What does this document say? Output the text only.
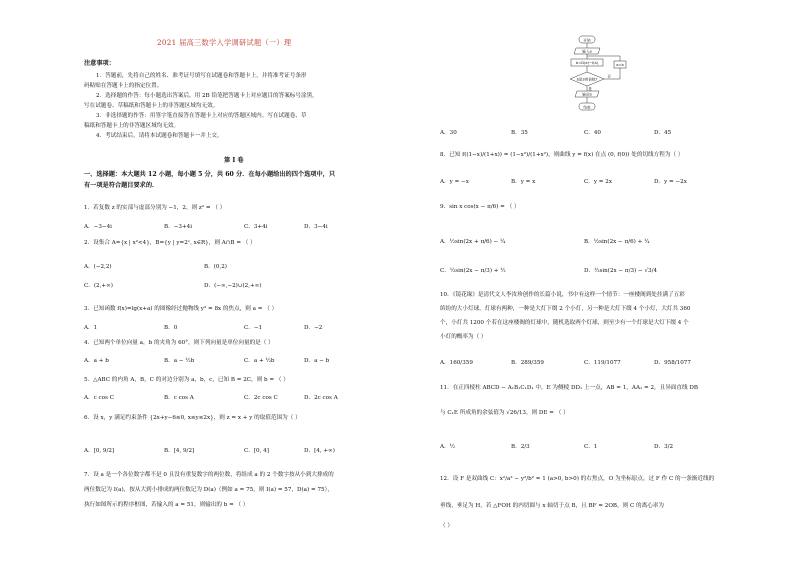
2021 届高三数学入学调研试题（一）理
注意事项：
1．答题前，先将自己的姓名、准考证号填写在试题卷和答题卡上，并将准考证号条形
码粘贴在答题卡上的指定位置。
2．选择题的作答：每小题选出答案后，用 2B 铅笔把答题卡上对应题目的答案标号涂黑，
写在试题卷、草稿纸和答题卡上的非答题区域均无效。
3．非选择题的作答：用签字笔直接答在答题卡上对应的答题区域内。写在试题卷、草
稿纸和答题卡上的非答题区域均无效。
4．考试结束后，请将本试题卷和答题卡一并上交。
第 Ⅰ 卷
一、选择题：本大题共 12 小题，每小题 5 分，共 60 分．在每小题给出的四个选项中，只
有一项是符合题目要求的．
1．若复数 z 的实部与虚部分别为 −1，2，则 z² = （ ）
A．−3−4i	B．−3+4i	C．3+4i	D．3−4i
2．设集合 A={x | x²<4}，B={y | y=2ˣ, x∈R}，则 A∩B = （ ）
A．(−2,2)	B．(0,2)
C．(2,+∞)	D．(−∞,−2)∪(2,+∞)
3．已知函数 f(x)=lg(x+a) 的图像经过抛物线 y² = 8x 的焦点，则 a = （ ）
A．1	B．0	C．−1	D．−2
4．已知两个单位向量 a，b 的夹角为 60°，则下列向量是单位向量的是（ ）
A．a + b	B．a − ½b	C．a + ½b	D．a − b
5．△ABC 的内角 A，B，C 的对边分别为 a，b，c，已知 B = 2C，则 b = （ ）
A．c cos C	B．c cos A	C．2c cos C	D．2c cos A
6．设 x，y 满足约束条件 {2x+y−6≤0, x≤y≤2x}，则 z = x + y 的取值范围为（ ）
A．[0, 9/2]	B．[4, 9/2]	C．[0, 4]	D．[4, +∞)
7．设 a 是一个各位数字都不是 0 且没有重复数字的两位数，将组成 a 的 2 个数字按从小到大排成的
两位数记为 I(a)，按从大到小排成的两位数记为 D(a)（例如 a = 75，则 I(a) = 57，D(a) = 75），
执行如图所示的程序框图，若输入的 a = 51，则输出的 b = （ ）
开始
输入a
b=D(a)−I(a)
b是3的倍数?
a=b
输出b
结束
否
是
A．30	B．35	C．40	D．45
8．已知 f((1−x)/(1+x)) = (1−x²)/(1+x²)，则曲线 y = f(x) 在点 (0, f(0)) 处的切线方程为（ ）
A．y = −x	B．y = x	C．y = 2x	D．y = −2x
9．sin x cos(x − π/6) = （ ）
A．½sin(2x + π/6) − ¼	B．½sin(2x − π/6) + ¼
C．½sin(2x − π/3) + ½	D．½sin(2x − π/3) − √3/4
10．《镜花缘》是清代文人李汝珍创作的长篇小说，书中有这样一个情节：一座楼阁到处挂满了五彩
缤纷的大小灯球，灯球有两种，一种是大灯下缀 2 个小灯，另一种是大灯下缀 4 个小灯，大灯共 360
个，小灯共 1200 个若在这座楼阁的灯球中，随机选取两个灯球，则至少有一个灯球是大灯下缀 4 个
小灯的概率为（ ）
A．160/359	B．289/359	C．119/1077	D．958/1077
11．在正四棱柱 ABCD − A₁B₁C₁D₁ 中，E 为侧棱 DD₁ 上一点，AB = 1，AA₁ = 2，且异面直线 DB
与 C₁E 所成角的余弦值为 √26/13，则 DE = （ ）
A．½	B．2/3	C．1	D．3/2
12．设 F 是双曲线 C：x²/a² − y²/b² = 1 (a>0, b>0) 的右焦点，O 为坐标原点，过 F 作 C 的一条渐近线的
垂线，垂足为 H，若 △FOH 的内切圆与 x 轴切于点 B，且 BF = 2OB，则 C 的离心率为
（ ）
